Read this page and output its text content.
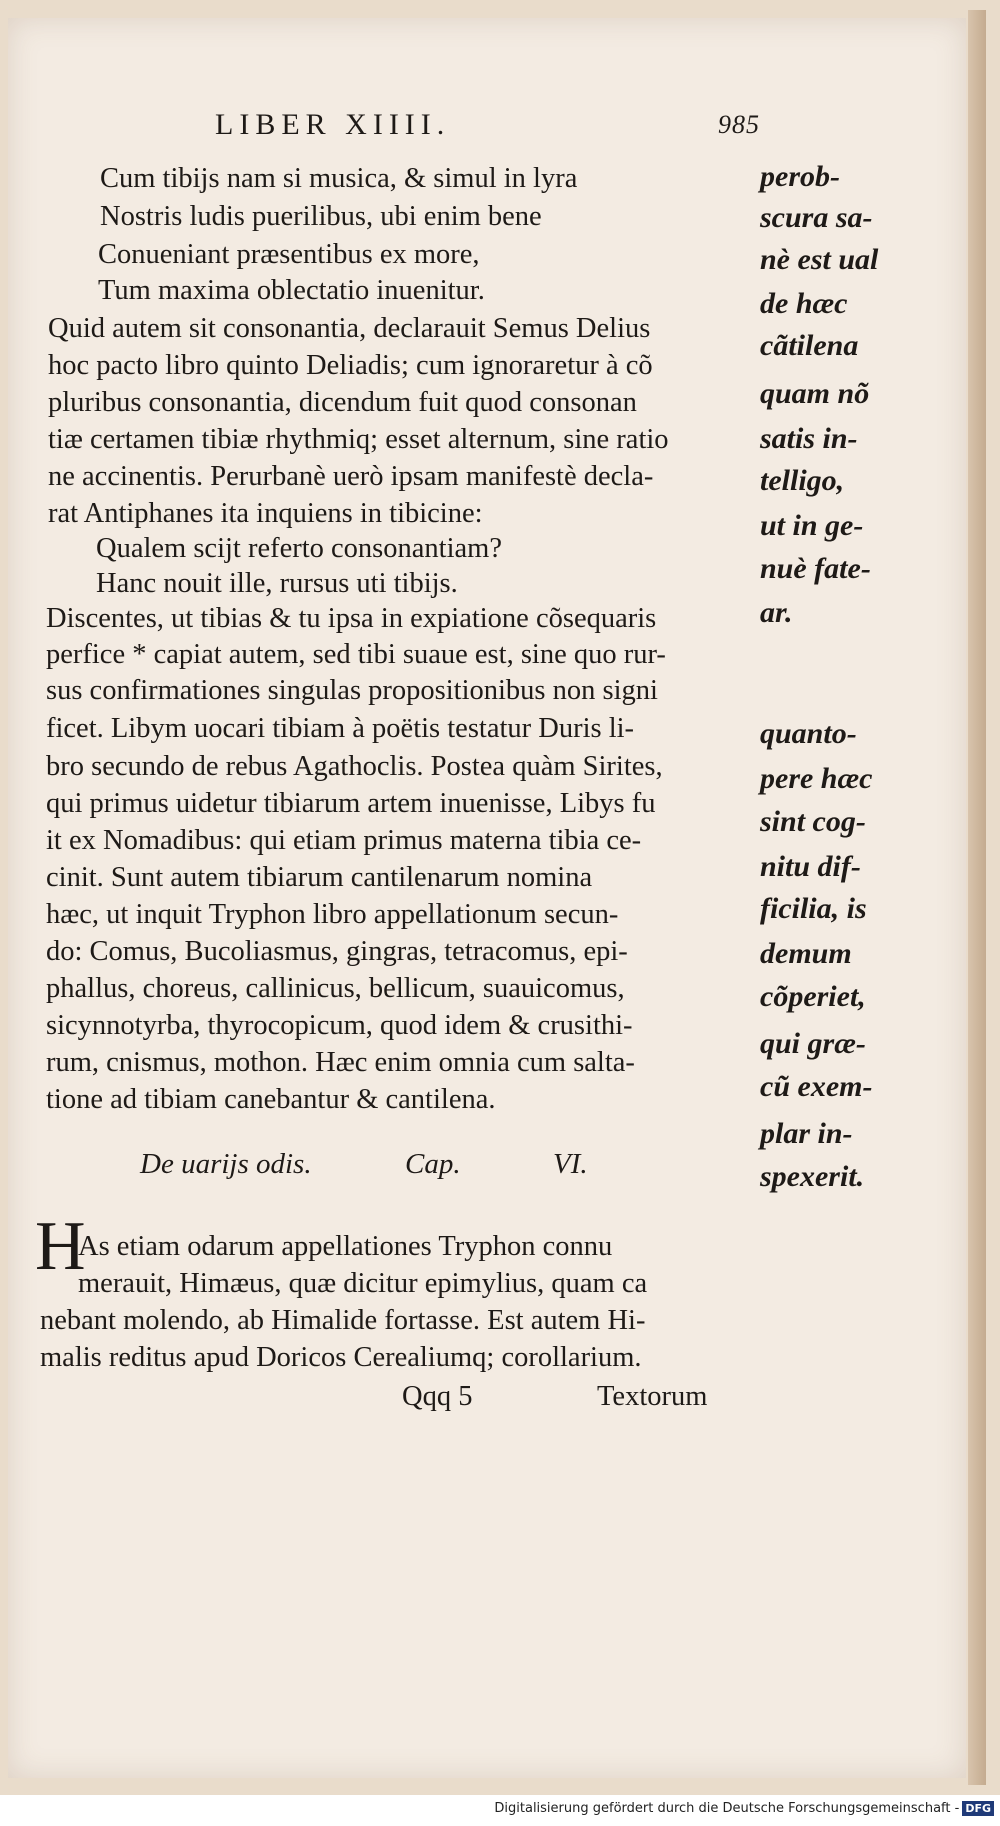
LIBER XIIII.	985
Cum tibijs nam si musica, & simul in lyra
Nostris ludis puerilibus, ubi enim bene
Conueniant præsentibus ex more,
Tum maxima oblectatio inuenitur.
Quid autem sit consonantia, declarauit Semus Delius
hoc pacto libro quinto Deliadis; cum ignoraretur à cõ
pluribus consonantia, dicendum fuit quod consonan
tiæ certamen tibiæ rhythmiq; esset alternum, sine ratio
ne accinentis. Perurbanè uerò ipsam manifestè decla-
rat Antiphanes ita inquiens in tibicine:
Qualem scijt referto consonantiam?
Hanc nouit ille, rursus uti tibijs.
Discentes, ut tibias & tu ipsa in expiatione cõsequaris
perfice * capiat autem, sed tibi suaue est, sine quo rur-
sus confirmationes singulas propositionibus non signi
ficet. Libym uocari tibiam à poëtis testatur Duris li-
bro secundo de rebus Agathoclis. Postea quàm Sirites,
qui primus uidetur tibiarum artem inuenisse, Libys fu
it ex Nomadibus: qui etiam primus materna tibia ce-
cinit. Sunt autem tibiarum cantilenarum nomina
hæc, ut inquit Tryphon libro appellationum secun-
do: Comus, Bucoliasmus, gingras, tetracomus, epi-
phallus, choreus, callinicus, bellicum, suauicomus,
sicynnotyrba, thyrocopicum, quod idem & crusithi-
rum, cnismus, mothon. Hæc enim omnia cum salta-
tione ad tibiam canebantur & cantilena.
De uarijs odis.	Cap.	VI.
H
As etiam odarum appellationes Tryphon connu
merauit, Himæus, quæ dicitur epimylius, quam ca
nebant molendo, ab Himalide fortasse. Est autem Hi-
malis reditus apud Doricos Cerealiumq; corollarium.
Qqq 5	Textorum
perob-
scura sa-
nè est ual
de hæc
cãtilena
quam nõ
satis in-
telligo,
ut in ge-
nuè fate-
ar.
quanto-
pere hæc
sint cog-
nitu dif-
ficilia, is
demum
cõperiet,
qui græ-
cũ exem-
plar in-
spexerit.
Digitalisierung gefördert durch die Deutsche Forschungsgemeinschaft - DFG
